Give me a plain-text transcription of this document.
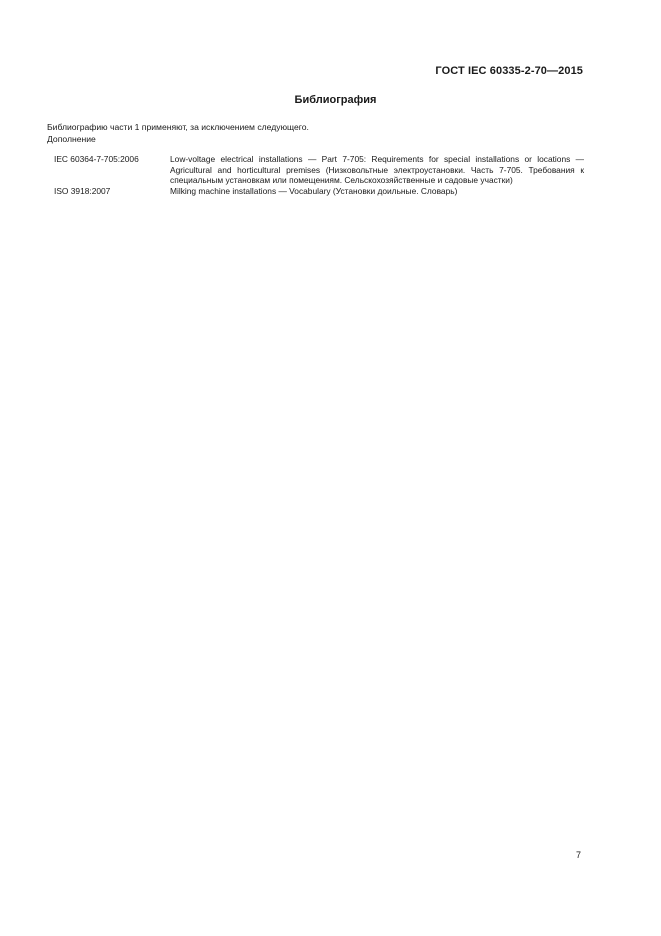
ГОСТ IEC 60335-2-70—2015
Библиография
Библиографию части 1 применяют, за исключением следующего.
Дополнение
IEC 60364-7-705:2006	Low-voltage electrical installations — Part 7-705: Requirements for special installations or locations — Agricultural and horticultural premises (Низковольтные электроустановки. Часть 7-705. Требования к специальным установкам или помещениям. Сельскохозяйственные и садовые участки)
ISO 3918:2007	Milking machine installations — Vocabulary (Установки доильные. Словарь)
7
